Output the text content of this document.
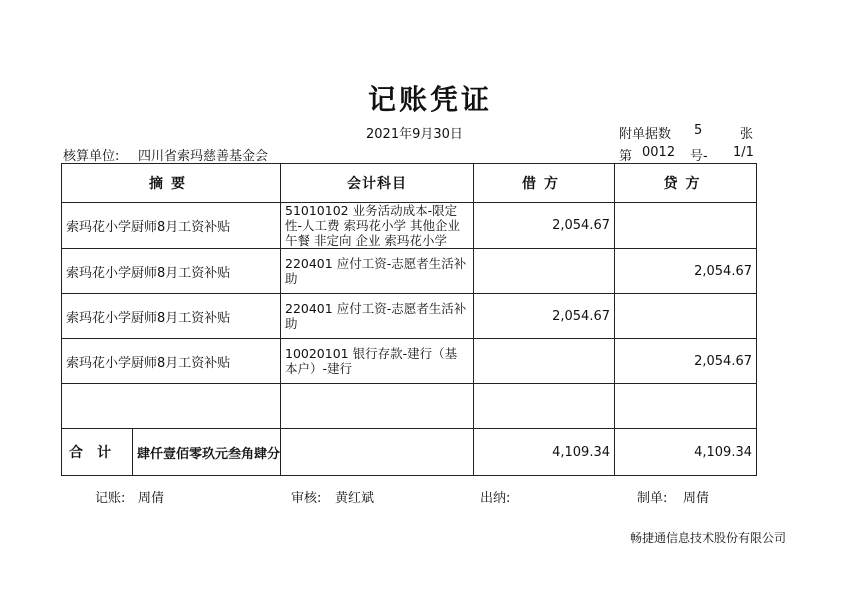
记账凭证
2021年9月30日	附单据数 5	张
核算单位: 四川省索玛慈善基金会	第 0012 号- 1/1
摘要	会计科目	借方	贷方
索玛花小学厨师8月工资补贴	51010102 业务活动成本-限定性-人工费 索玛花小学 其他企业午餐 非定向 企业 索玛花小学	2,054.67	
索玛花小学厨师8月工资补贴	220401 应付工资-志愿者生活补助		2,054.67
索玛花小学厨师8月工资补贴	220401 应付工资-志愿者生活补助	2,054.67	
索玛花小学厨师8月工资补贴	10020101 银行存款-建行（基本户）-建行		2,054.67

合计 肆仟壹佰零玖元叁角肆分		4,109.34	4,109.34
记账: 周倩	审核: 黄红斌	出纳:	制单: 周倩
畅捷通信息技术股份有限公司
